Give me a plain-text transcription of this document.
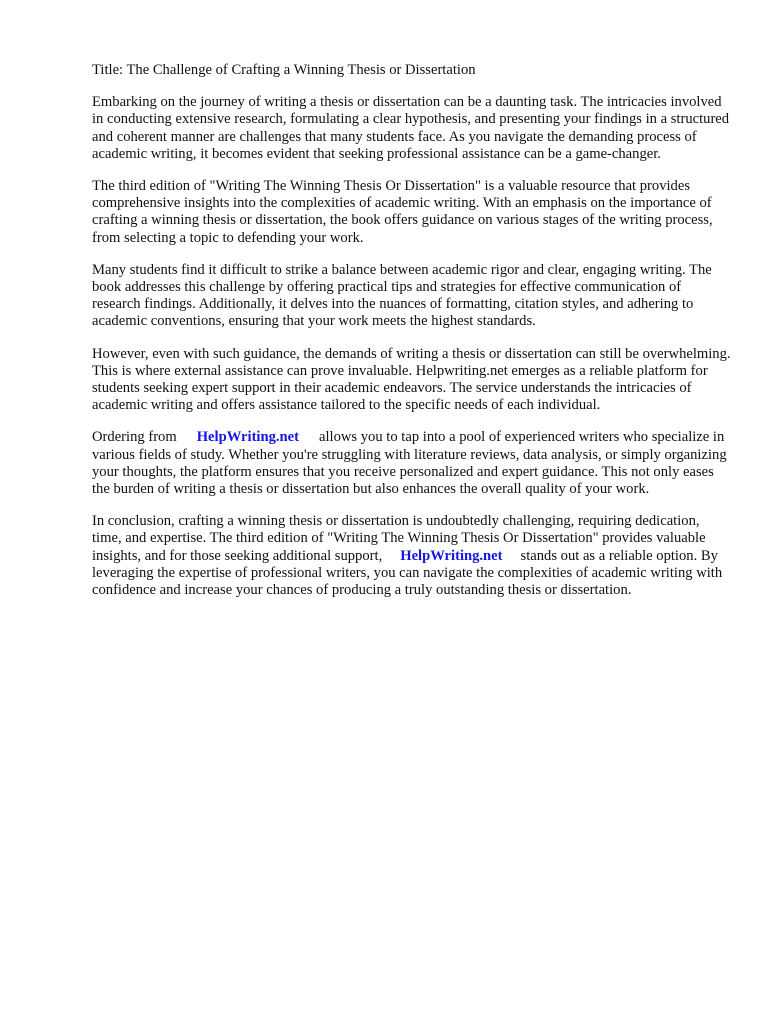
Title: The Challenge of Crafting a Winning Thesis or Dissertation

Embarking on the journey of writing a thesis or dissertation can be a daunting task. The intricacies involved in conducting extensive research, formulating a clear hypothesis, and presenting your findings in a structured and coherent manner are challenges that many students face. As you navigate the demanding process of academic writing, it becomes evident that seeking professional assistance can be a game-changer.

The third edition of "Writing The Winning Thesis Or Dissertation" is a valuable resource that provides comprehensive insights into the complexities of academic writing. With an emphasis on the importance of crafting a winning thesis or dissertation, the book offers guidance on various stages of the writing process, from selecting a topic to defending your work.

Many students find it difficult to strike a balance between academic rigor and clear, engaging writing. The book addresses this challenge by offering practical tips and strategies for effective communication of research findings. Additionally, it delves into the nuances of formatting, citation styles, and adhering to academic conventions, ensuring that your work meets the highest standards.

However, even with such guidance, the demands of writing a thesis or dissertation can still be overwhelming. This is where external assistance can prove invaluable. Helpwriting.net emerges as a reliable platform for students seeking expert support in their academic endeavors. The service understands the intricacies of academic writing and offers assistance tailored to the specific needs of each individual.

Ordering from HelpWriting.net allows you to tap into a pool of experienced writers who specialize in various fields of study. Whether you're struggling with literature reviews, data analysis, or simply organizing your thoughts, the platform ensures that you receive personalized and expert guidance. This not only eases the burden of writing a thesis or dissertation but also enhances the overall quality of your work.

In conclusion, crafting a winning thesis or dissertation is undoubtedly challenging, requiring dedication, time, and expertise. The third edition of "Writing The Winning Thesis Or Dissertation" provides valuable insights, and for those seeking additional support, HelpWriting.net stands out as a reliable option. By leveraging the expertise of professional writers, you can navigate the complexities of academic writing with confidence and increase your chances of producing a truly outstanding thesis or dissertation.
